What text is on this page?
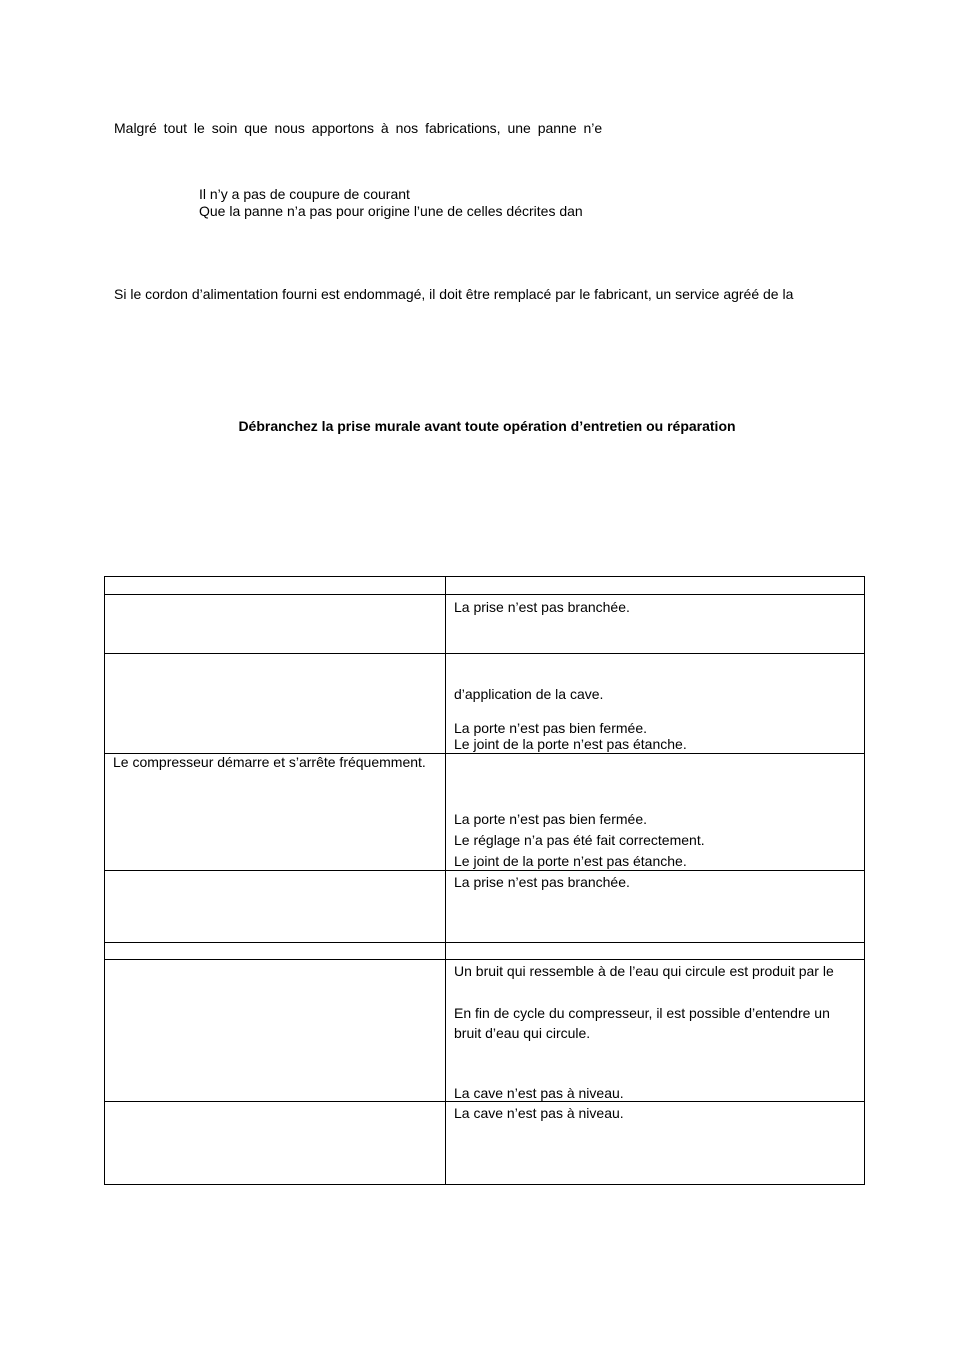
Malgré tout le soin que nous apportons à nos fabrications, une panne n’e
Il n’y a pas de coupure de courant
Que la panne n’a pas pour origine l’une de celles décrites dan
Si le cordon d’alimentation fourni est endommagé, il doit être remplacé par le fabricant, un service agréé de la
Débranchez la prise murale avant toute opération d’entretien ou réparation

	La prise n’est pas branchée.

	d’application de la cave.
La porte n’est pas bien fermée.
Le joint de la porte n’est pas étanche.

Le compresseur démarre et s’arrête fréquemment.	La porte n’est pas bien fermée.
Le réglage n’a pas été fait correctement.
Le joint de la porte n’est pas étanche.

	La prise n’est pas branchée.

	Un bruit qui ressemble à de l’eau qui circule est produit par le
En fin de cycle du compresseur, il est possible d’entendre un
bruit d’eau qui circule.
La cave n’est pas à niveau.

	La cave n’est pas à niveau.
